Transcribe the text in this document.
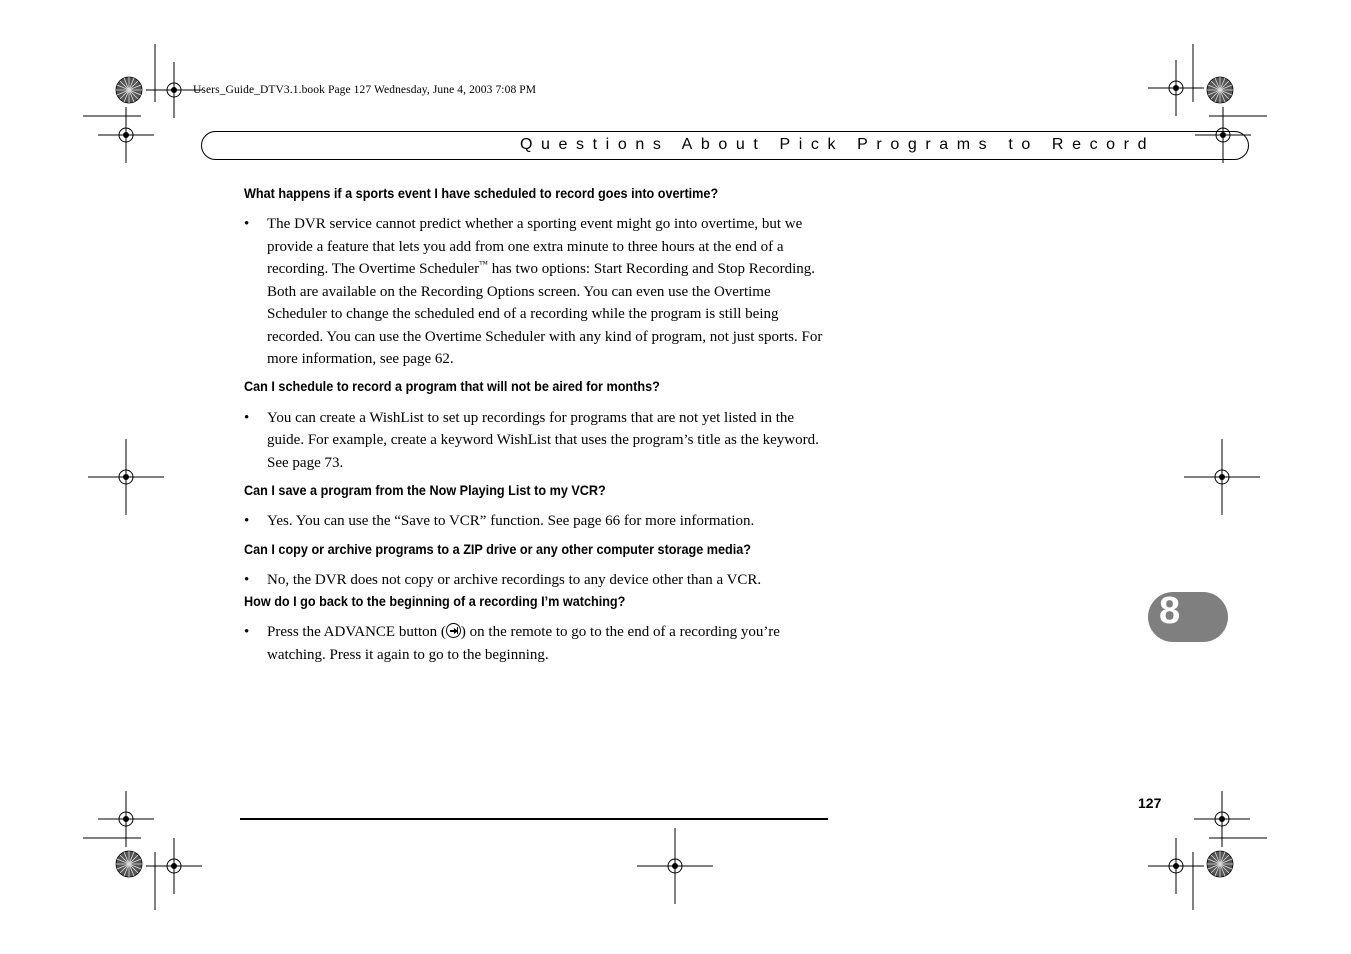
Users_Guide_DTV3.1.book Page 127 Wednesday, June 4, 2003 7:08 PM
Questions About Pick Programs to Record

What happens if a sports event I have scheduled to record goes into overtime?

• The DVR service cannot predict whether a sporting event might go into overtime, but we provide a feature that lets you add from one extra minute to three hours at the end of a recording. The Overtime Scheduler™ has two options: Start Recording and Stop Recording. Both are available on the Recording Options screen. You can even use the Overtime Scheduler to change the scheduled end of a recording while the program is still being recorded. You can use the Overtime Scheduler with any kind of program, not just sports. For more information, see page 62.

Can I schedule to record a program that will not be aired for months?

• You can create a WishList to set up recordings for programs that are not yet listed in the guide. For example, create a keyword WishList that uses the program’s title as the keyword. See page 73.

Can I save a program from the Now Playing List to my VCR?

• Yes. You can use the “Save to VCR” function. See page 66 for more information.

Can I copy or archive programs to a ZIP drive or any other computer storage media?

• No, the DVR does not copy or archive recordings to any device other than a VCR.

How do I go back to the beginning of a recording I’m watching?

• Press the ADVANCE button ( ) on the remote to go to the end of a recording you’re watching. Press it again to go to the beginning.
8
127
